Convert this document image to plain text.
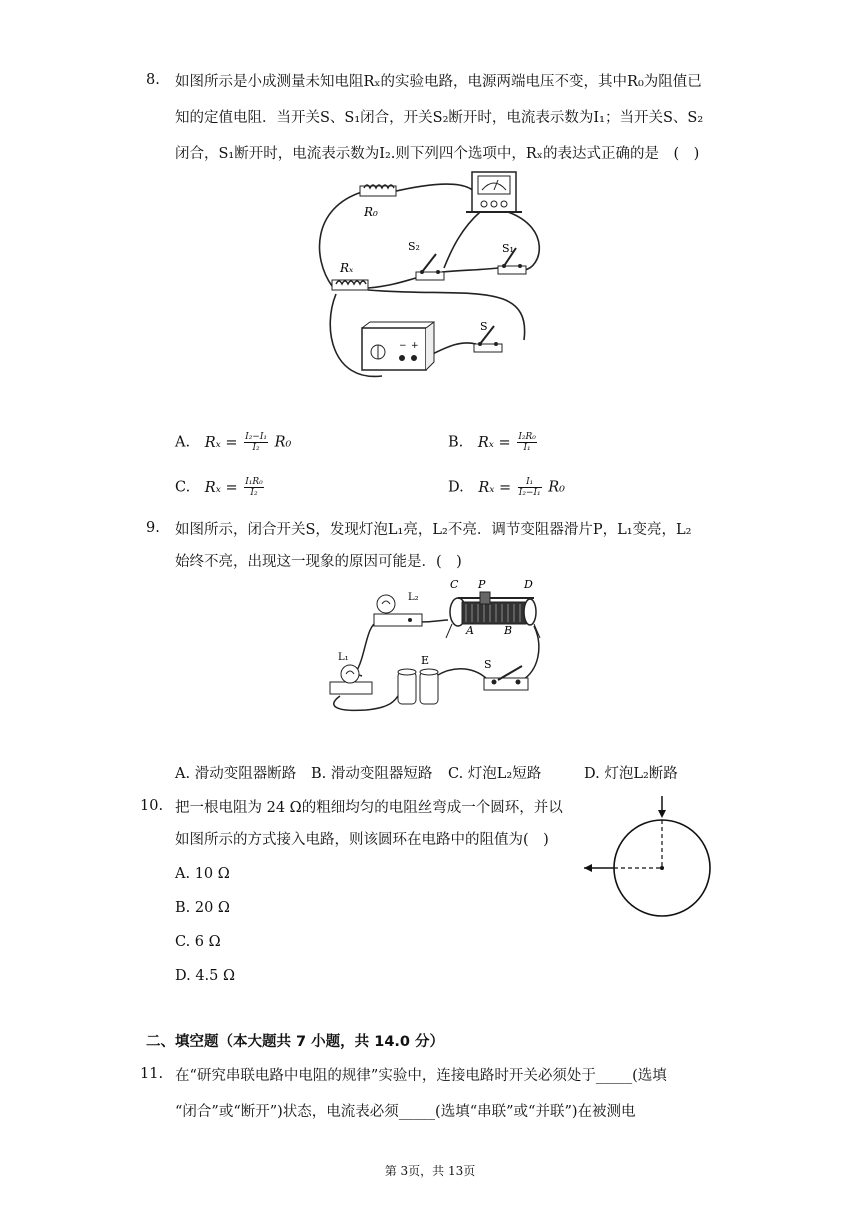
8. 如图所示是小成测量未知电阻Rₓ的实验电路，电源两端电压不变，其中R₀为阻值已
知的定值电阻．当开关S、S₁闭合，开关S₂断开时，电流表示数为I₁；当开关S、S₂
闭合，S₁断开时，电流表示数为I₂.则下列四个选项中，Rₓ的表达式正确的是　(　)
R₀
Rₓ
S₂	S₁
− +
S
A. $R_x = \frac{\text{I₂−I₁}}{\text{I₂}} R_0$	B. $R_x = \frac{\text{I₂R₀}}{\text{I₁}}$
C. $R_x = \frac{\text{I₁R₀}}{\text{I₂}}$	D. $R_x = \frac{\text{I₁}}{\text{I₂−I₁}} R_0$
9. 如图所示，闭合开关S，发现灯泡L₁亮，L₂不亮．调节变阻器滑片P，L₁变亮，L₂
始终不亮，出现这一现象的原因可能是．(　)
L₂
C P	D
A	B
L₁	E	S
A. 滑动变阻器断路 B. 滑动变阻器短路 C. 灯泡L₂短路	D. 灯泡L₂断路
10. 把一根电阻为 24 Ω的粗细均匀的电阻丝弯成一个圆环，并以
如图所示的方式接入电路，则该圆环在电路中的阻值为(　)
A. 10 Ω
B. 20 Ω
C. 6 Ω
D. 4.5 Ω
二、填空题（本大题共 7 小题，共 14.0 分）
11. 在“研究串联电路中电阻的规律”实验中，连接电路时开关必须处于_____(选填
“闭合”或“断开”)状态，电流表必须_____(选填“串联”或“并联”)在被测电
第 3页，共 13页
